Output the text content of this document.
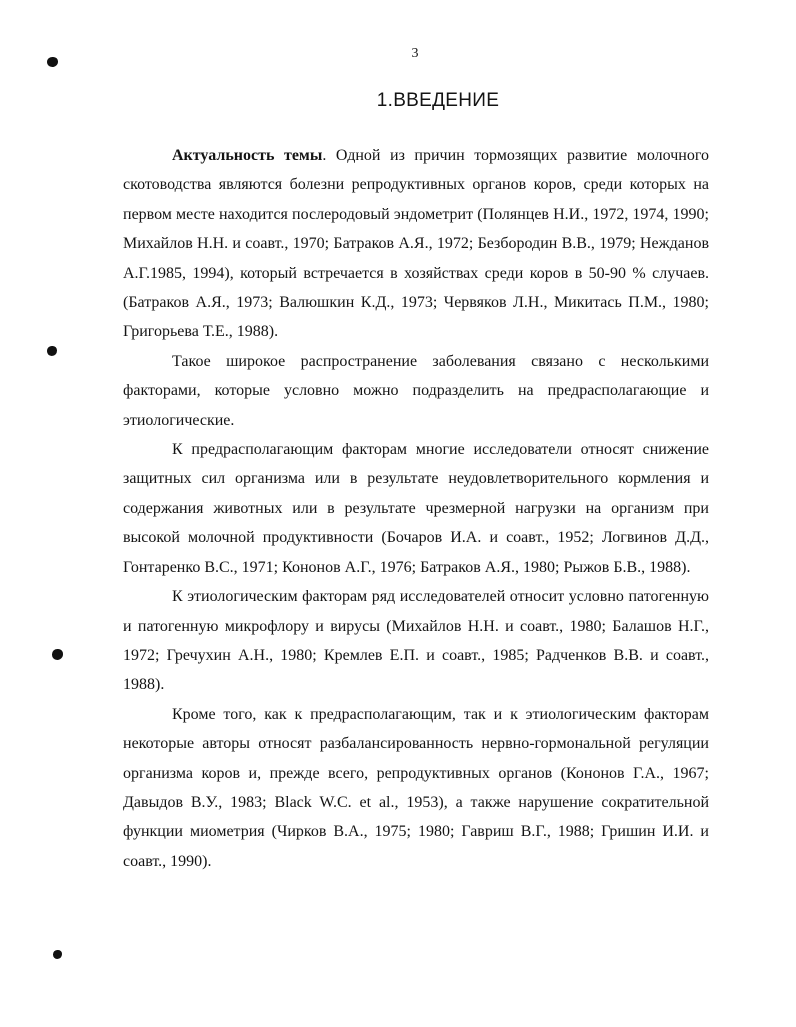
3
1.ВВЕДЕНИЕ

Актуальность темы. Одной из причин тормозящих развитие молочного скотоводства являются болезни репродуктивных органов коров, среди которых на первом месте находится послеродовый эндометрит (Полянцев Н.И., 1972, 1974, 1990; Михайлов Н.Н. и соавт., 1970; Батраков А.Я., 1972; Безбородин В.В., 1979; Нежданов А.Г.1985, 1994), который встречается в хозяйствах среди коров в 50-90 % случаев. (Батраков А.Я., 1973; Валюшкин К.Д., 1973; Червяков Л.Н., Микитась П.М., 1980; Григорьева Т.Е., 1988).

Такое широкое распространение заболевания связано с несколькими факторами, которые условно можно подразделить на предрасполагающие и этиологические.

К предрасполагающим факторам многие исследователи относят снижение защитных сил организма или в результате неудовлетворительного кормления и содержания животных или в результате чрезмерной нагрузки на организм при высокой молочной продуктивности (Бочаров И.А. и соавт., 1952; Логвинов Д.Д., Гонтаренко В.С., 1971; Кононов А.Г., 1976; Батраков А.Я., 1980; Рыжов Б.В., 1988).

К этиологическим факторам ряд исследователей относит условно патогенную и патогенную микрофлору и вирусы (Михайлов Н.Н. и соавт., 1980; Балашов Н.Г., 1972; Гречухин А.Н., 1980; Кремлев Е.П. и соавт., 1985; Радченков В.В. и соавт., 1988).

Кроме того, как к предрасполагающим, так и к этиологическим факторам некоторые авторы относят разбалансированность нервно-гормональной регуляции организма коров и, прежде всего, репродуктивных органов (Кононов Г.А., 1967; Давыдов В.У., 1983; Black W.C. et al., 1953), а также нарушение сократительной функции миометрия (Чирков В.А., 1975; 1980; Гавриш В.Г., 1988; Гришин И.И. и соавт., 1990).
